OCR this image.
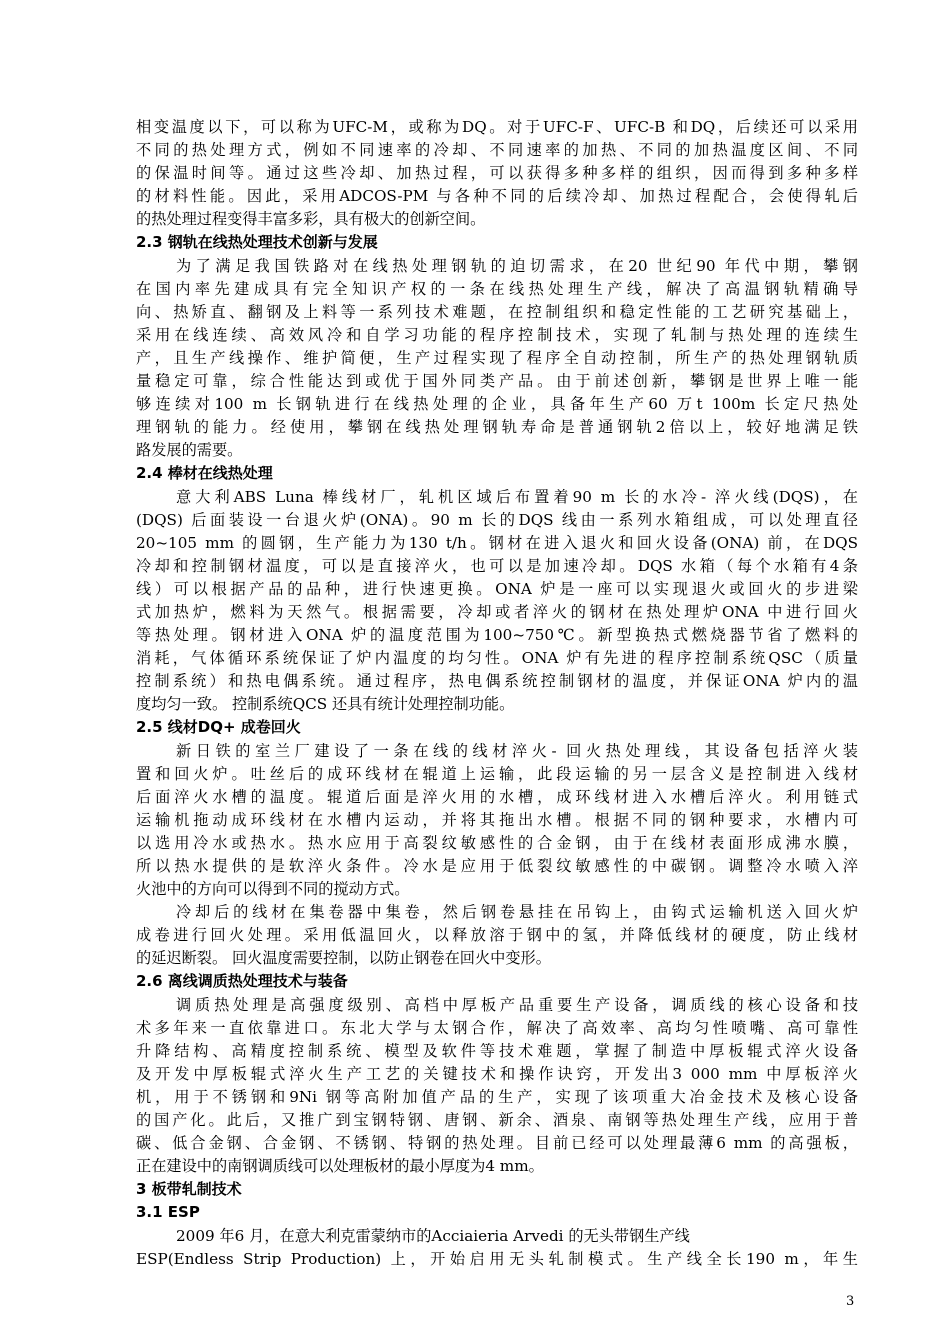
相变温度以下，可以称为UFC-M，或称为DQ。对于UFC-F、UFC-B 和DQ，后续还可以采用
不同的热处理方式，例如不同速率的冷却、不同速率的加热、不同的加热温度区间、不同
的保温时间等。通过这些冷却、加热过程，可以获得多种多样的组织，因而得到多种多样
的材料性能。因此，采用ADCOS-PM 与各种不同的后续冷却、加热过程配合，会使得轧后
的热处理过程变得丰富多彩，具有极大的创新空间。
2.3 钢轨在线热处理技术创新与发展
为了满足我国铁路对在线热处理钢轨的迫切需求，在20 世纪90 年代中期，攀钢
在国内率先建成具有完全知识产权的一条在线热处理生产线，解决了高温钢轨精确导
向、热矫直、翻钢及上料等一系列技术难题，在控制组织和稳定性能的工艺研究基础上，
采用在线连续、高效风冷和自学习功能的程序控制技术，实现了轧制与热处理的连续生
产，且生产线操作、维护简便，生产过程实现了程序全自动控制，所生产的热处理钢轨质
量稳定可靠，综合性能达到或优于国外同类产品。由于前述创新，攀钢是世界上唯一能
够连续对100 m 长钢轨进行在线热处理的企业，具备年生产60 万t 100m 长定尺热处
理钢轨的能力。经使用，攀钢在线热处理钢轨寿命是普通钢轨2倍以上，较好地满足铁
路发展的需要。
2.4 棒材在线热处理
意大利ABS Luna 棒线材厂，轧机区域后布置着90 m 长的水冷- 淬火线(DQS)，在
(DQS) 后面装设一台退火炉(ONA)。90 m 长的DQS 线由一系列水箱组成，可以处理直径
20~105 mm 的圆钢，生产能力为130 t/h。钢材在进入退火和回火设备(ONA) 前，在DQS
冷却和控制钢材温度，可以是直接淬火，也可以是加速冷却。DQS 水箱（每个水箱有4条
线）可以根据产品的品种，进行快速更换。ONA 炉是一座可以实现退火或回火的步进梁
式加热炉，燃料为天然气。根据需要，冷却或者淬火的钢材在热处理炉ONA 中进行回火
等热处理。钢材进入ONA 炉的温度范围为100~750℃。新型换热式燃烧器节省了燃料的
消耗，气体循环系统保证了炉内温度的均匀性。ONA 炉有先进的程序控制系统QSC（质量
控制系统）和热电偶系统。通过程序，热电偶系统控制钢材的温度，并保证ONA 炉内的温
度均匀一致。 控制系统QCS 还具有统计处理控制功能。
2.5 线材DQ+ 成卷回火
新日铁的室兰厂建设了一条在线的线材淬火- 回火热处理线，其设备包括淬火装
置和回火炉。吐丝后的成环线材在辊道上运输，此段运输的另一层含义是控制进入线材
后面淬火水槽的温度。辊道后面是淬火用的水槽，成环线材进入水槽后淬火。利用链式
运输机拖动成环线材在水槽内运动，并将其拖出水槽。根据不同的钢种要求，水槽内可
以选用冷水或热水。热水应用于高裂纹敏感性的合金钢，由于在线材表面形成沸水膜，
所以热水提供的是软淬火条件。冷水是应用于低裂纹敏感性的中碳钢。调整冷水喷入淬
火池中的方向可以得到不同的搅动方式。
冷却后的线材在集卷器中集卷，然后钢卷悬挂在吊钩上，由钩式运输机送入回火炉
成卷进行回火处理。采用低温回火，以释放溶于钢中的氢，并降低线材的硬度，防止线材
的延迟断裂。 回火温度需要控制，以防止钢卷在回火中变形。
2.6 离线调质热处理技术与装备
调质热处理是高强度级别、高档中厚板产品重要生产设备，调质线的核心设备和技
术多年来一直依靠进口。东北大学与太钢合作，解决了高效率、高均匀性喷嘴、高可靠性
升降结构、高精度控制系统、模型及软件等技术难题，掌握了制造中厚板辊式淬火设备
及开发中厚板辊式淬火生产工艺的关键技术和操作诀窍，开发出3 000 mm 中厚板淬火
机，用于不锈钢和9Ni 钢等高附加值产品的生产，实现了该项重大冶金技术及核心设备
的国产化。此后，又推广到宝钢特钢、唐钢、新余、酒泉、南钢等热处理生产线，应用于普
碳、低合金钢、合金钢、不锈钢、特钢的热处理。目前已经可以处理最薄6 mm 的高强板，
正在建设中的南钢调质线可以处理板材的最小厚度为4 mm。
3 板带轧制技术
3.1 ESP
2009 年6 月，在意大利克雷蒙纳市的Acciaieria Arvedi 的无头带钢生产线
ESP(Endless Strip Production) 上，开始启用无头轧制模式。生产线全长190 m，年生
3
